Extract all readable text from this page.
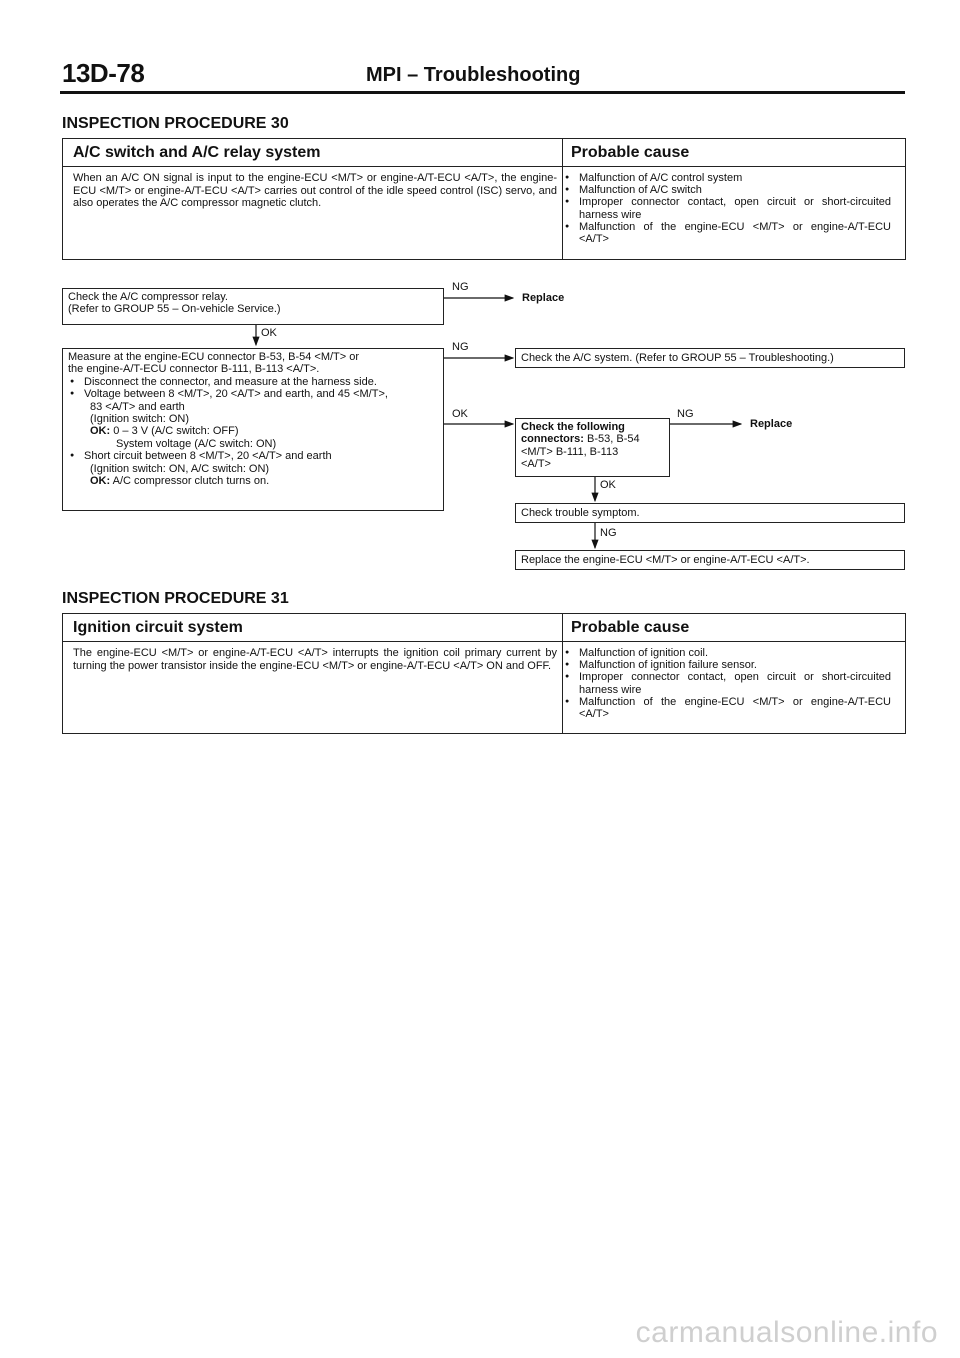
13D-78	MPI – Troubleshooting
INSPECTION PROCEDURE 30
A/C switch and A/C relay system	Probable cause
When an A/C ON signal is input to the engine-ECU <M/T> or engine-A/T-ECU <A/T>, the engine-ECU <M/T> or engine-A/T-ECU <A/T> carries out control of the idle speed control (ISC) servo, and also operates the A/C compressor magnetic clutch.
● Malfunction of A/C control system
● Malfunction of A/C switch
● Improper connector contact, open circuit or short-circuited harness wire
● Malfunction of the engine-ECU <M/T> or engine-A/T-ECU <A/T>
Check the A/C compressor relay.
(Refer to GROUP 55 – On-vehicle Service.)
NG
Replace
OK
Measure at the engine-ECU connector B-53, B-54 <M/T> or
the engine-A/T-ECU connector B-111, B-113 <A/T>.
● Disconnect the connector, and measure at the harness side.
● Voltage between 8 <M/T>, 20 <A/T> and earth, and 45 <M/T>,
83 <A/T> and earth
(Ignition switch: ON)
OK: 0 – 3 V (A/C switch: OFF)
System voltage (A/C switch: ON)
● Short circuit between 8 <M/T>, 20 <A/T> and earth
(Ignition switch: ON, A/C switch: ON)
OK: A/C compressor clutch turns on.
NG
Check the A/C system. (Refer to GROUP 55 – Troubleshooting.)
OK
Check the following
connectors: B-53, B-54
<M/T> B-111, B-113
<A/T>
NG
Replace
OK
Check trouble symptom.
NG
Replace the engine-ECU <M/T> or engine-A/T-ECU <A/T>.
INSPECTION PROCEDURE 31
Ignition circuit system	Probable cause
The engine-ECU <M/T> or engine-A/T-ECU <A/T> interrupts the ignition coil primary current by turning the power transistor inside the engine-ECU <M/T> or engine-A/T-ECU <A/T> ON and OFF.
● Malfunction of ignition coil.
● Malfunction of ignition failure sensor.
● Improper connector contact, open circuit or short-circuited harness wire
● Malfunction of the engine-ECU <M/T> or engine-A/T-ECU <A/T>
carmanualsonline.info
